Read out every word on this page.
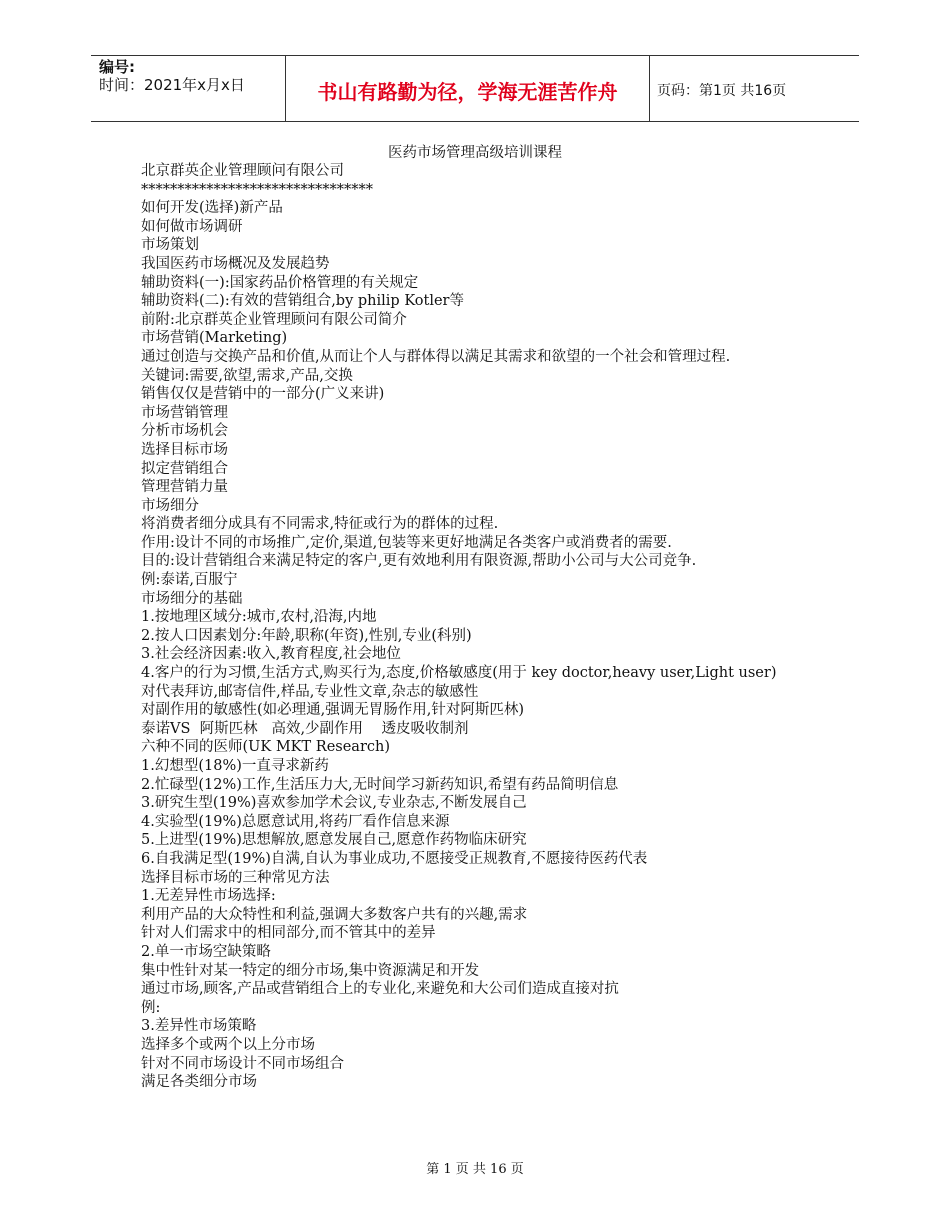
编号:
时间：2021年x月x日	书山有路勤为径，学海无涯苦作舟	页码：第1页 共16页
医药市场管理高级培训课程

北京群英企业管理顾问有限公司

********************************

如何开发(选择)新产品

如何做市场调研

市场策划

我国医药市场概况及发展趋势

辅助资料(一):国家药品价格管理的有关规定

辅助资料(二):有效的营销组合,by philip Kotler等

前附:北京群英企业管理顾问有限公司简介

市场营销(Marketing)

通过创造与交换产品和价值,从而让个人与群体得以满足其需求和欲望的一个社会和管理过程.

关键词:需要,欲望,需求,产品,交换

销售仅仅是营销中的一部分(广义来讲)

市场营销管理

分析市场机会

选择目标市场

拟定营销组合

管理营销力量

市场细分

将消费者细分成具有不同需求,特征或行为的群体的过程.

作用:设计不同的市场推广,定价,渠道,包装等来更好地满足各类客户或消费者的需要.

目的:设计营销组合来满足特定的客户,更有效地利用有限资源,帮助小公司与大公司竞争.

例:泰诺,百服宁

市场细分的基础

1.按地理区域分:城市,农村,沿海,内地

2.按人口因素划分:年龄,职称(年资),性别,专业(科别)

3.社会经济因素:收入,教育程度,社会地位

4.客户的行为习惯,生活方式,购买行为,态度,价格敏感度(用于 key doctor,heavy user,Light user)

对代表拜访,邮寄信件,样品,专业性文章,杂志的敏感性

对副作用的敏感性(如必理通,强调无胃肠作用,针对阿斯匹林)

泰诺VS  阿斯匹林   高效,少副作用    透皮吸收制剂

六种不同的医师(UK MKT Research)

1.幻想型(18%)一直寻求新药

2.忙碌型(12%)工作,生活压力大,无时间学习新药知识,希望有药品简明信息

3.研究生型(19%)喜欢参加学术会议,专业杂志,不断发展自己

4.实验型(19%)总愿意试用,将药厂看作信息来源

5.上进型(19%)思想解放,愿意发展自己,愿意作药物临床研究

6.自我满足型(19%)自满,自认为事业成功,不愿接受正规教育,不愿接待医药代表

选择目标市场的三种常见方法

1.无差异性市场选择:

利用产品的大众特性和利益,强调大多数客户共有的兴趣,需求

针对人们需求中的相同部分,而不管其中的差异

2.单一市场空缺策略

集中性针对某一特定的细分市场,集中资源满足和开发

通过市场,顾客,产品或营销组合上的专业化,来避免和大公司们造成直接对抗

例:

3.差异性市场策略

选择多个或两个以上分市场

针对不同市场设计不同市场组合

满足各类细分市场

第 1 页 共 16 页
